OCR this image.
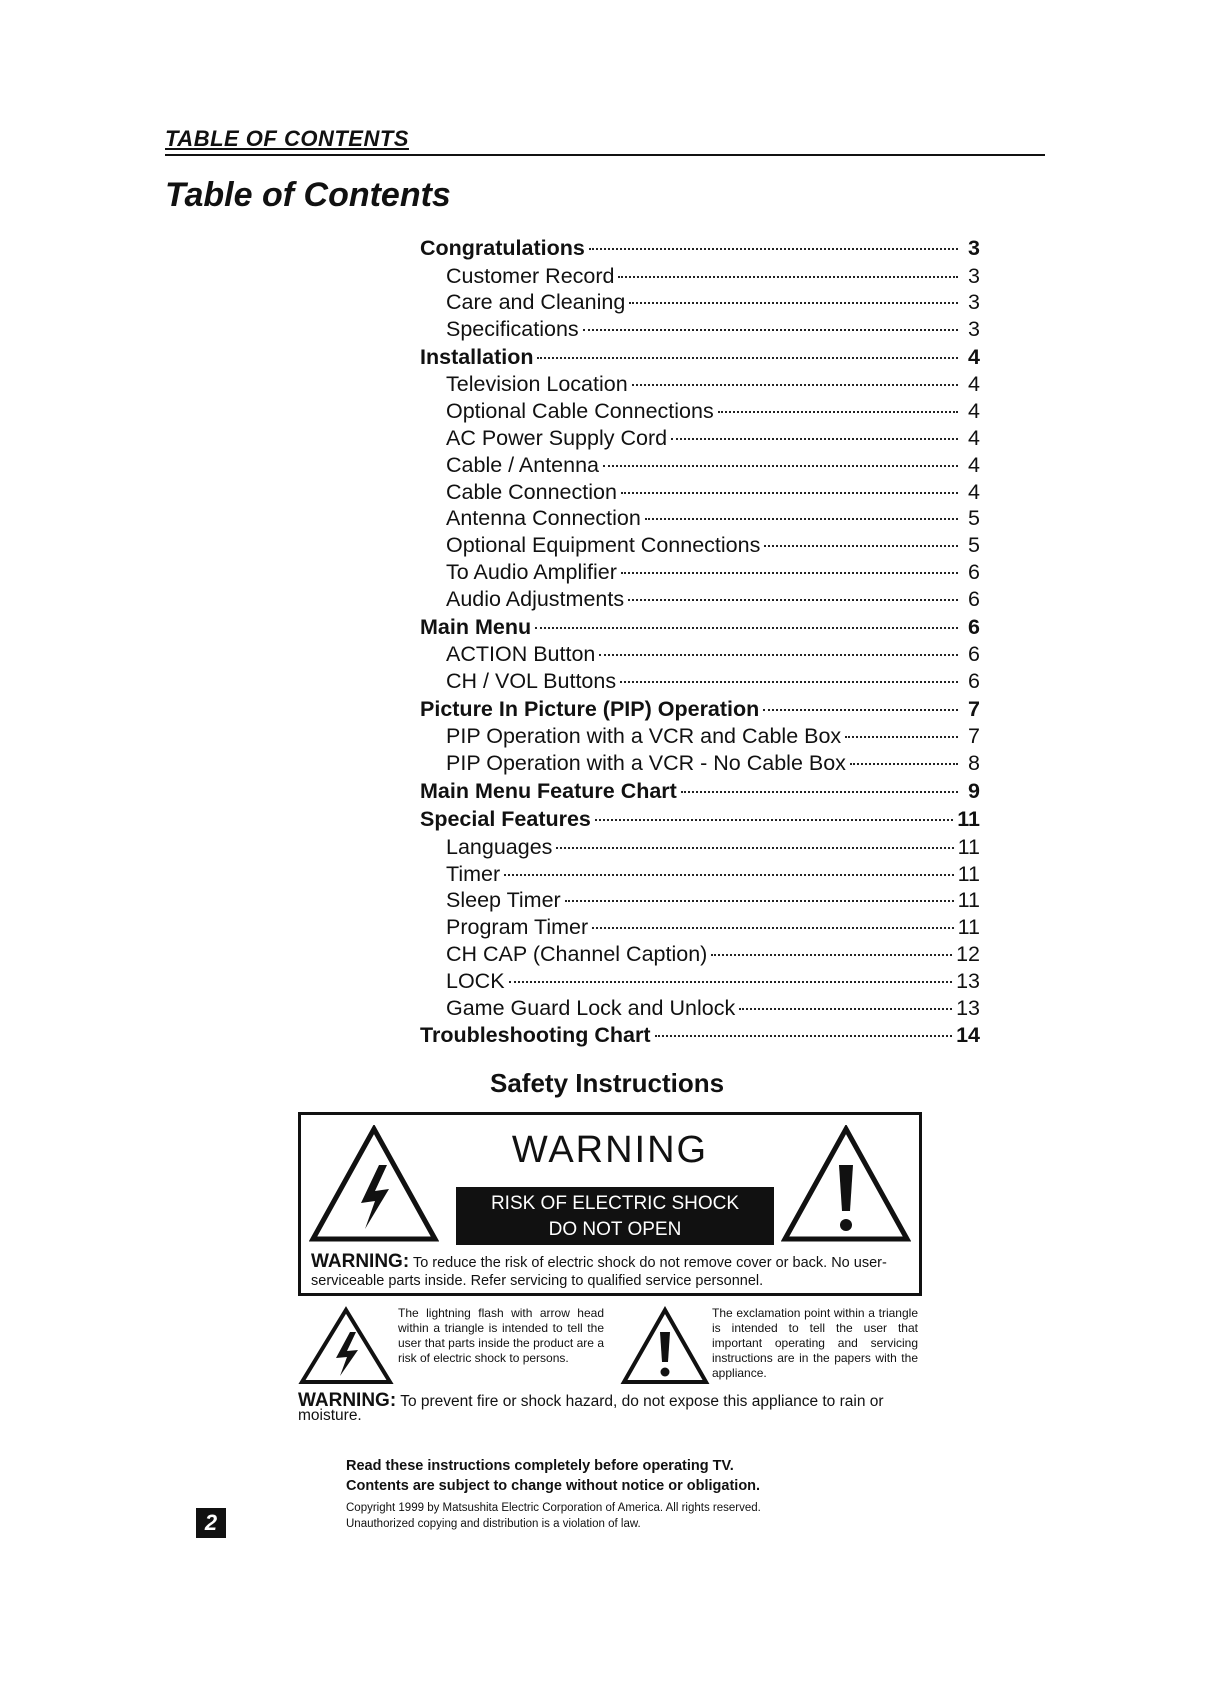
TABLE OF CONTENTS
Table of Contents
Congratulations	3
Customer Record	3
Care and Cleaning	3
Specifications	3
Installation	4
Television Location	4
Optional Cable Connections	4
AC Power Supply Cord	4
Cable / Antenna	4
Cable Connection	4
Antenna Connection	5
Optional Equipment Connections	5
To Audio Amplifier	6
Audio Adjustments	6
Main Menu	6
ACTION Button	6
CH / VOL Buttons	6
Picture In Picture (PIP) Operation	7
PIP Operation with a VCR and Cable Box	7
PIP Operation with a VCR - No Cable Box	8
Main Menu Feature Chart	9
Special Features	11
Languages	11
Timer	11
Sleep Timer	11
Program Timer	11
CH CAP (Channel Caption)	12
LOCK	13
Game Guard Lock and Unlock	13
Troubleshooting Chart	14
Safety Instructions
WARNING
RISK OF ELECTRIC SHOCK
DO NOT OPEN
WARNING: To reduce the risk of electric shock do not remove cover or back. No user-serviceable parts inside. Refer servicing to qualified service personnel.
The lightning flash with arrow head within a triangle is intended to tell the user that parts inside the product are a risk of electric shock to persons.
The exclamation point within a triangle is intended to tell the user that important operating and servicing instructions are in the papers with the appliance.
WARNING: To prevent fire or shock hazard, do not expose this appliance to rain or moisture.
Read these instructions completely before operating TV.
Contents are subject to change without notice or obligation.
Copyright 1999 by Matsushita Electric Corporation of America. All rights reserved.
Unauthorized copying and distribution is a violation of law.
2
